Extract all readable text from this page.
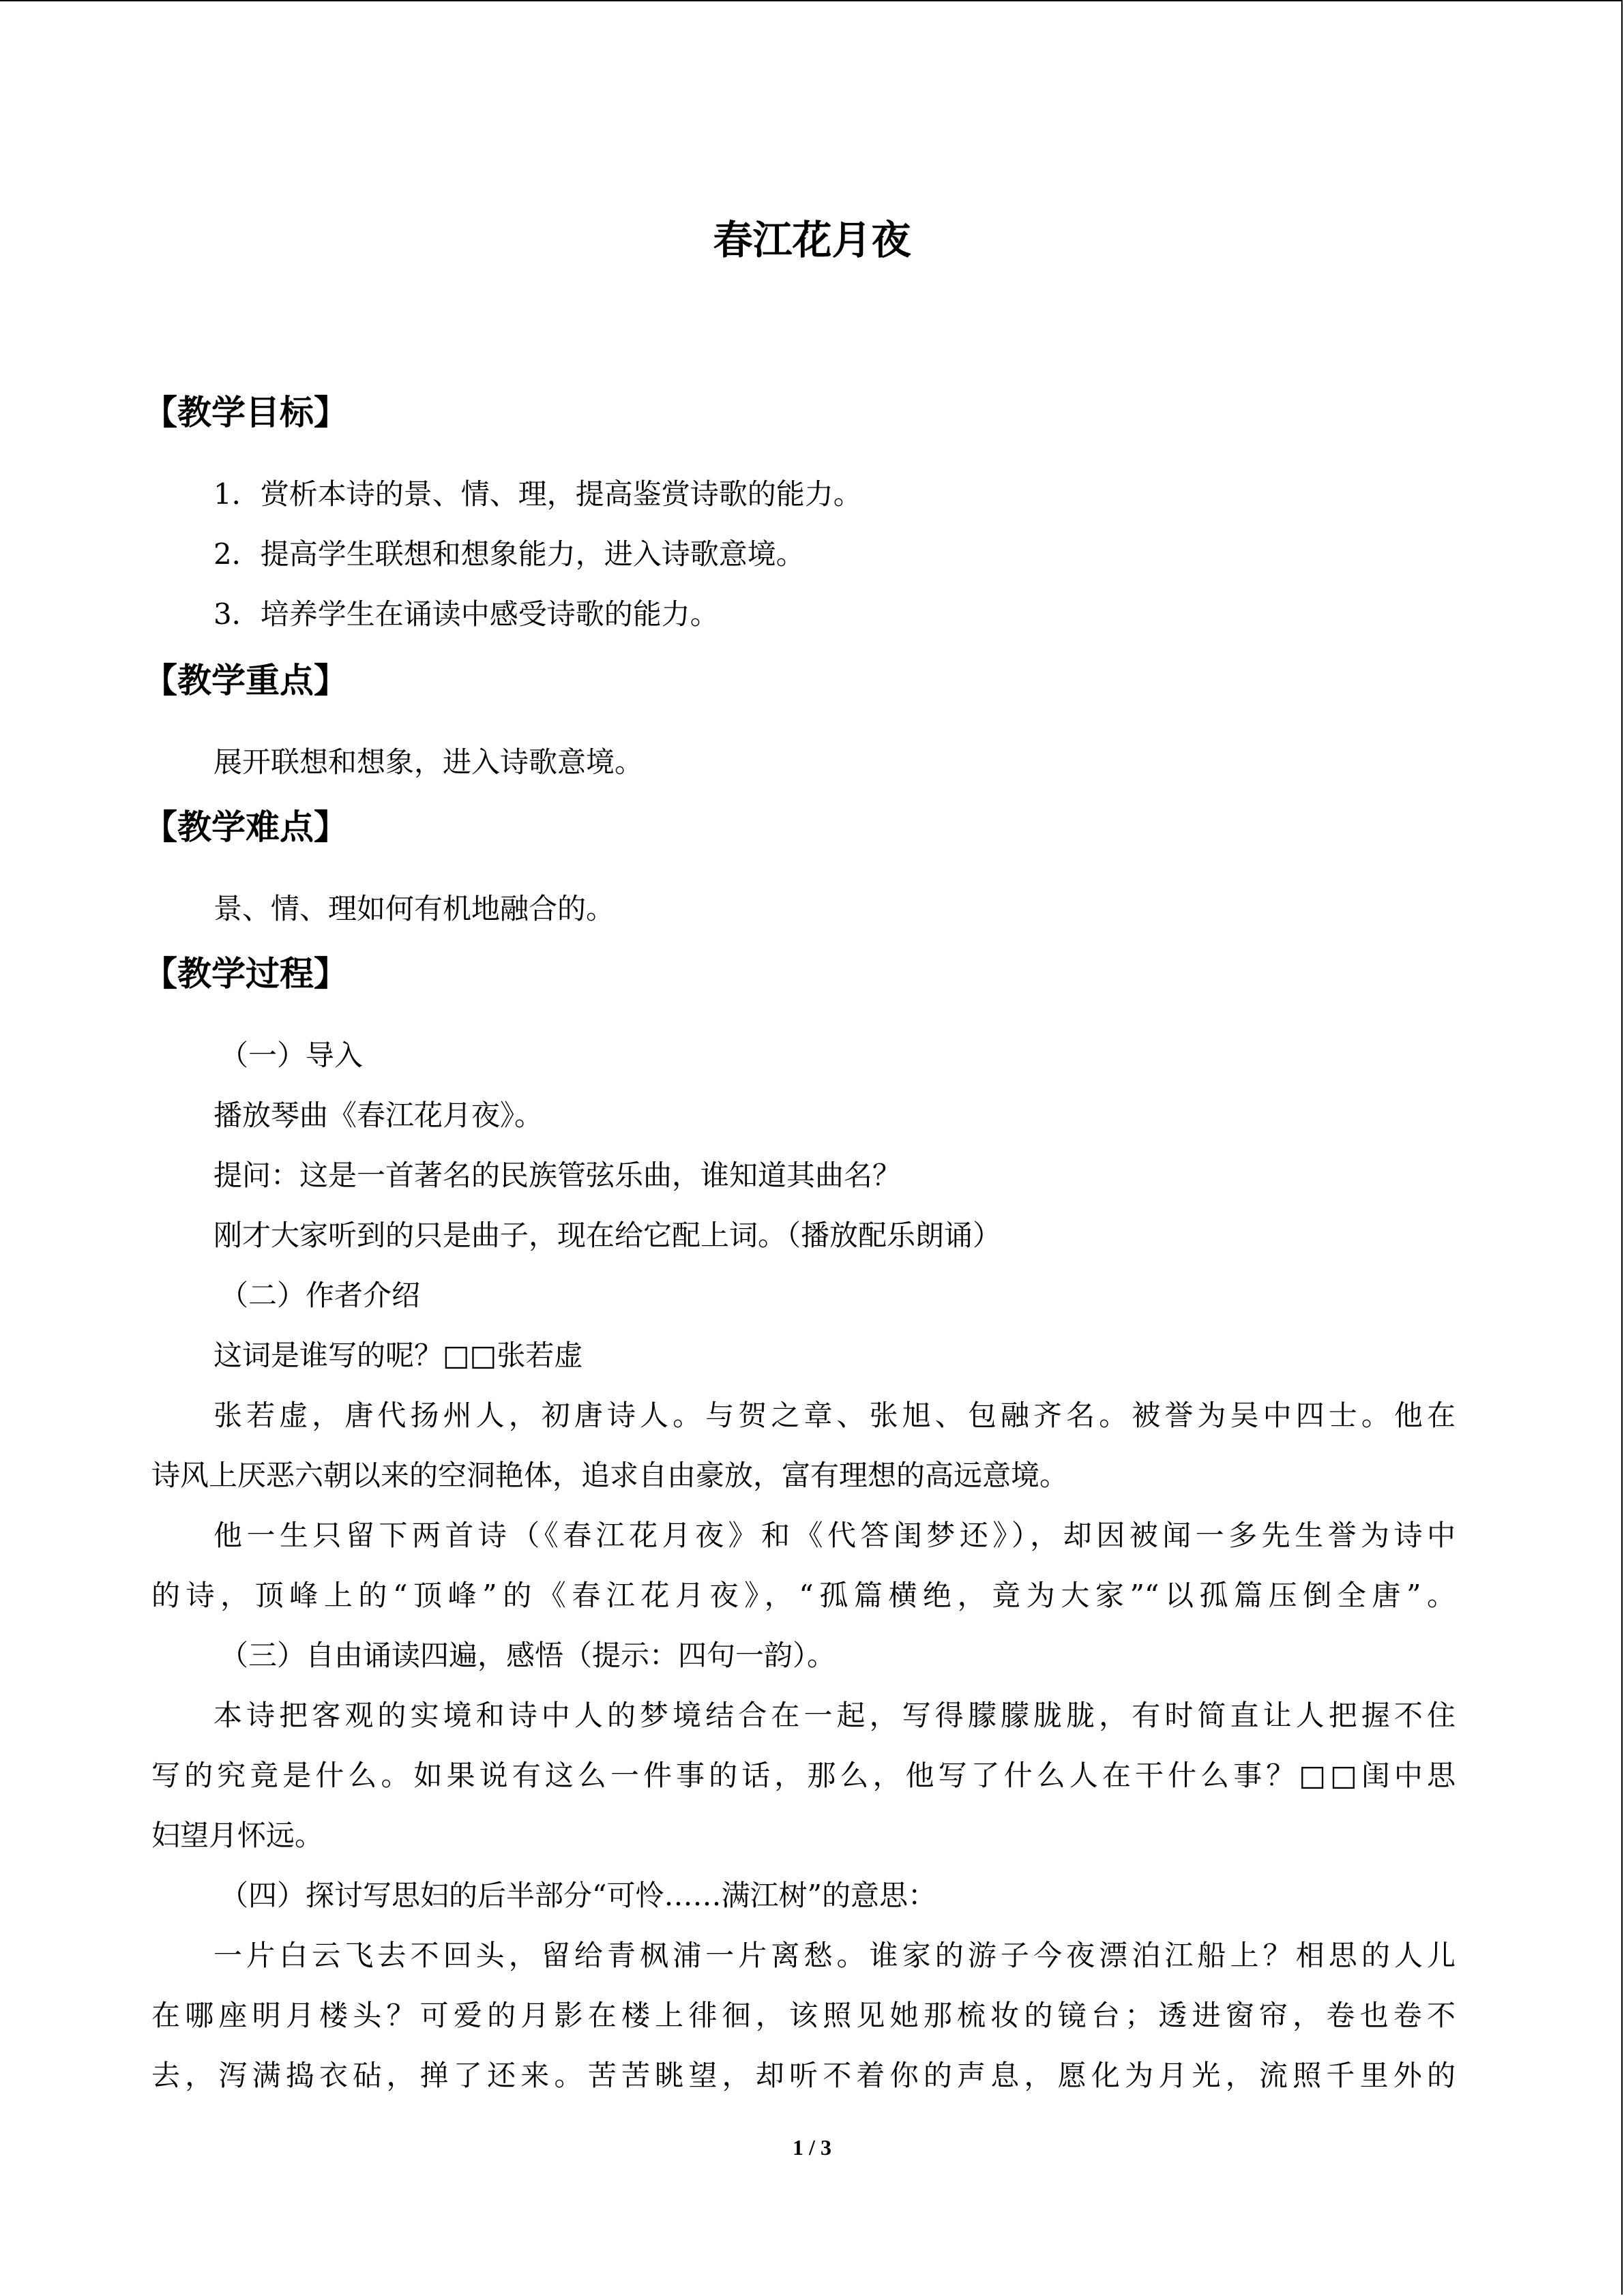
春江花月夜
【教学目标】
1．赏析本诗的景、情、理，提高鉴赏诗歌的能力。
2．提高学生联想和想象能力，进入诗歌意境。
3．培养学生在诵读中感受诗歌的能力。
【教学重点】
展开联想和想象，进入诗歌意境。
【教学难点】
景、情、理如何有机地融合的。
【教学过程】
（一）导入
播放琴曲《春江花月夜》。
提问：这是一首著名的民族管弦乐曲，谁知道其曲名？
刚才大家听到的只是曲子，现在给它配上词。（播放配乐朗诵）
（二）作者介绍
这词是谁写的呢？□□张若虚
张若虚，唐代扬州人，初唐诗人。与贺之章、张旭、包融齐名。被誉为吴中四士。他在
诗风上厌恶六朝以来的空洞艳体，追求自由豪放，富有理想的高远意境。
他一生只留下两首诗（《春江花月夜》和《代答闺梦还》），却因被闻一多先生誉为诗中
的诗，顶峰上的“顶峰”的《春江花月夜》，“孤篇横绝，竟为大家”“以孤篇压倒全唐”。
（三）自由诵读四遍，感悟（提示：四句一韵）。
本诗把客观的实境和诗中人的梦境结合在一起，写得朦朦胧胧，有时简直让人把握不住
写的究竟是什么。如果说有这么一件事的话，那么，他写了什么人在干什么事？□□闺中思
妇望月怀远。
（四）探讨写思妇的后半部分“可怜……满江树”的意思：
一片白云飞去不回头，留给青枫浦一片离愁。谁家的游子今夜漂泊江船上？相思的人儿
在哪座明月楼头？可爱的月影在楼上徘徊，该照见她那梳妆的镜台；透进窗帘，卷也卷不
去，泻满捣衣砧，掸了还来。苦苦眺望，却听不着你的声息，愿化为月光，流照千里外的
1 / 3
